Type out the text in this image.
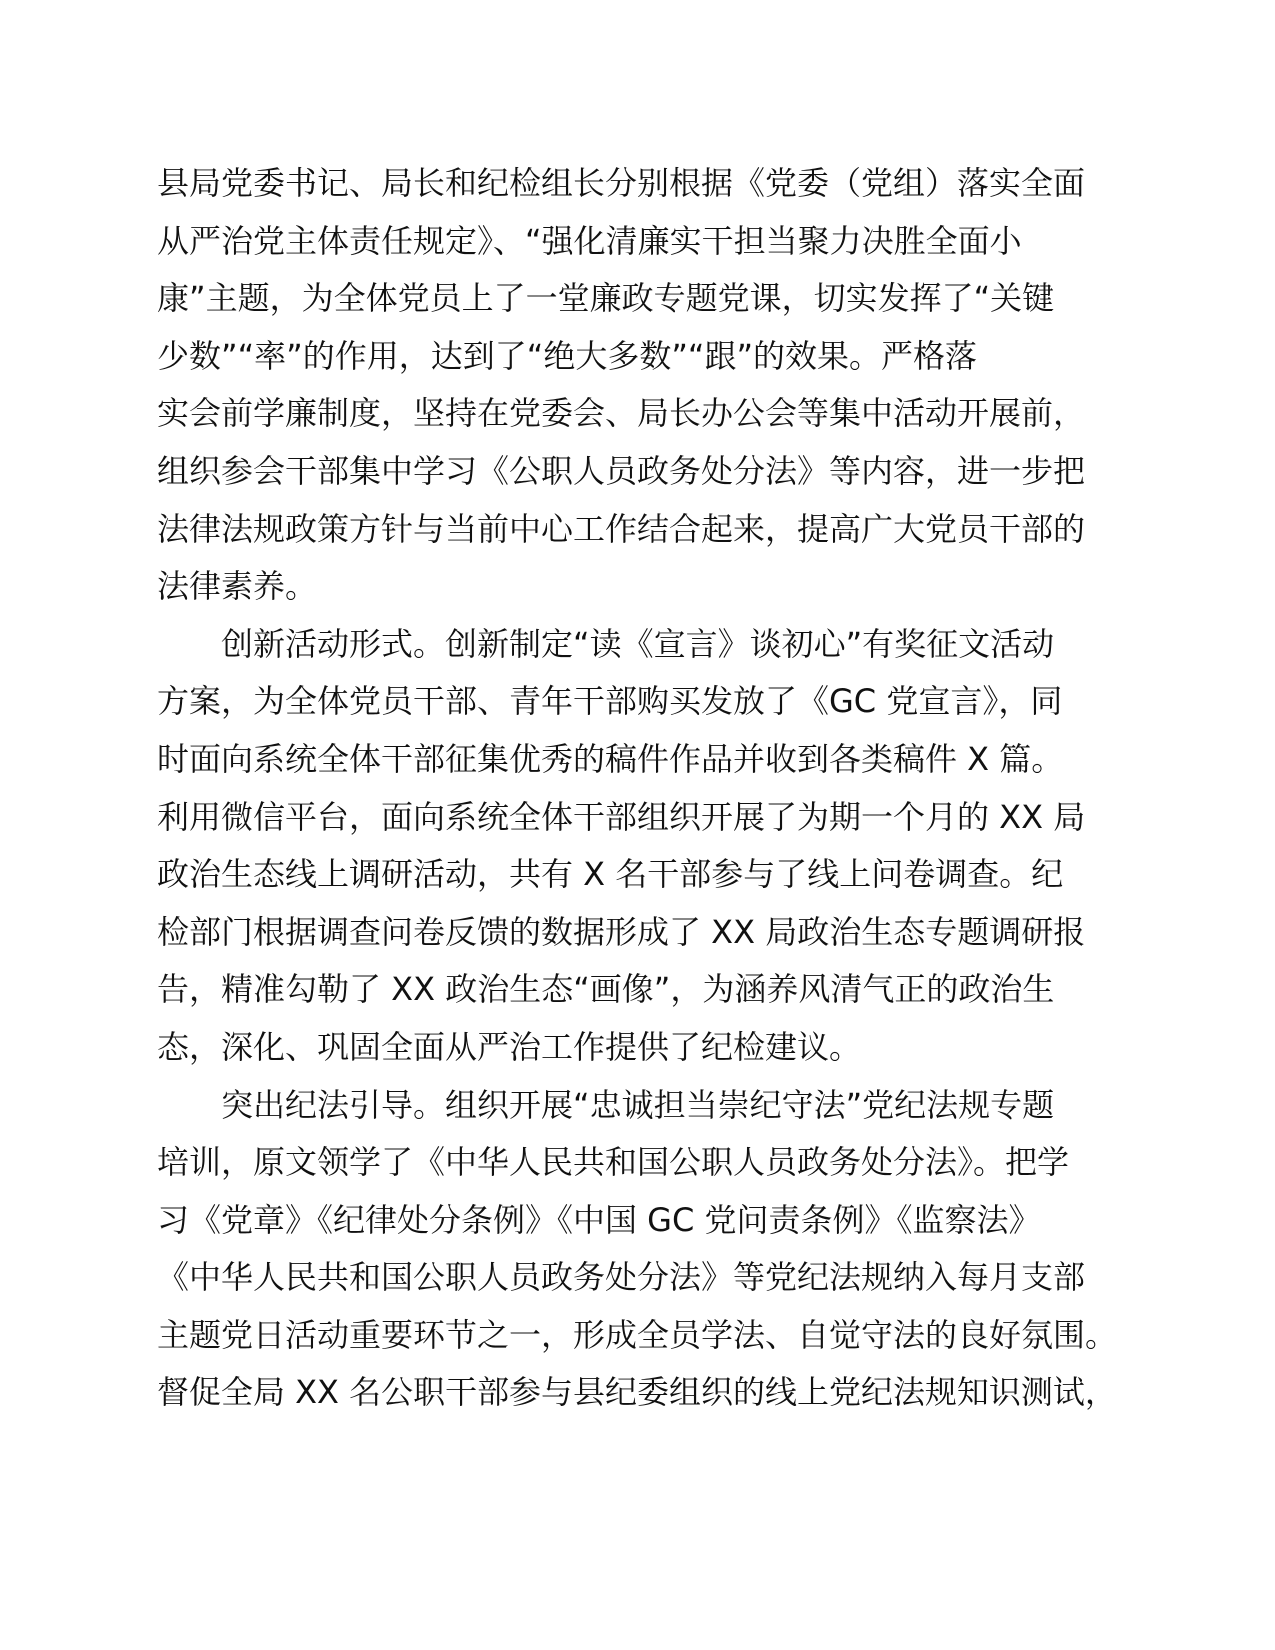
县局党委书记、局长和纪检组长分别根据《党委（党组）落实全面
从严治党主体责任规定》、“强化清廉实干担当聚力决胜全面小
康”主题，为全体党员上了一堂廉政专题党课，切实发挥了“关键
少数”“率”的作用，达到了“绝大多数”“跟”的效果。严格落
实会前学廉制度，坚持在党委会、局长办公会等集中活动开展前，
组织参会干部集中学习《公职人员政务处分法》等内容，进一步把
法律法规政策方针与当前中心工作结合起来，提高广大党员干部的
法律素养。
创新活动形式。创新制定“读《宣言》谈初心”有奖征文活动
方案，为全体党员干部、青年干部购买发放了《GC 党宣言》，同
时面向系统全体干部征集优秀的稿件作品并收到各类稿件 X 篇。
利用微信平台，面向系统全体干部组织开展了为期一个月的 XX 局
政治生态线上调研活动，共有 X 名干部参与了线上问卷调查。纪
检部门根据调查问卷反馈的数据形成了 XX 局政治生态专题调研报
告，精准勾勒了 XX 政治生态“画像”，为涵养风清气正的政治生
态，深化、巩固全面从严治工作提供了纪检建议。
突出纪法引导。组织开展“忠诚担当崇纪守法”党纪法规专题
培训，原文领学了《中华人民共和国公职人员政务处分法》。把学
习《党章》《纪律处分条例》《中国 GC 党问责条例》《监察法》
《中华人民共和国公职人员政务处分法》等党纪法规纳入每月支部
主题党日活动重要环节之一，形成全员学法、自觉守法的良好氛围。
督促全局 XX 名公职干部参与县纪委组织的线上党纪法规知识测试，
